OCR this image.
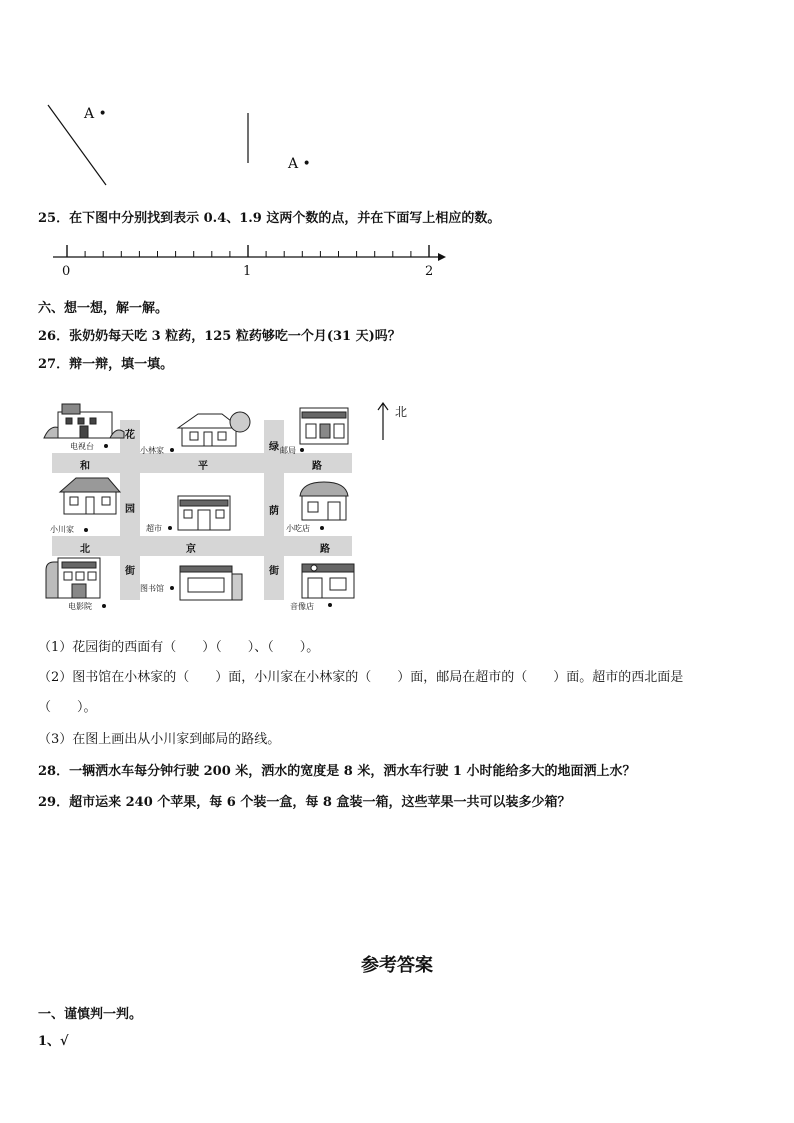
A •
A •
25．在下图中分别找到表示 0.4、1.9 这两个数的点，并在下面写上相应的数。
0	1	2
六、想一想，解一解。
26．张奶奶每天吃 3 粒药，125 粒药够吃一个月(31 天)吗？
27．辩一辩，填一填。
电视台	小林家	邮局
小川家	超市	小吃店
电影院
图书馆
音像店
和	平	路
北	京	路
花
园
街
绿
荫
街
北
（1）花园街的西面有（　　）（　　）、（　　）。
（2）图书馆在小林家的（　　）面，小川家在小林家的（　　）面，邮局在超市的（　　）面。超市的西北面是
（　　）。
（3）在图上画出从小川家到邮局的路线。
28．一辆洒水车每分钟行驶 200 米，洒水的宽度是 8 米，洒水车行驶 1 小时能给多大的地面洒上水？
29．超市运来 240 个苹果，每 6 个装一盒，每 8 盒装一箱，这些苹果一共可以装多少箱？
参考答案
一、谨慎判一判。
1、√
